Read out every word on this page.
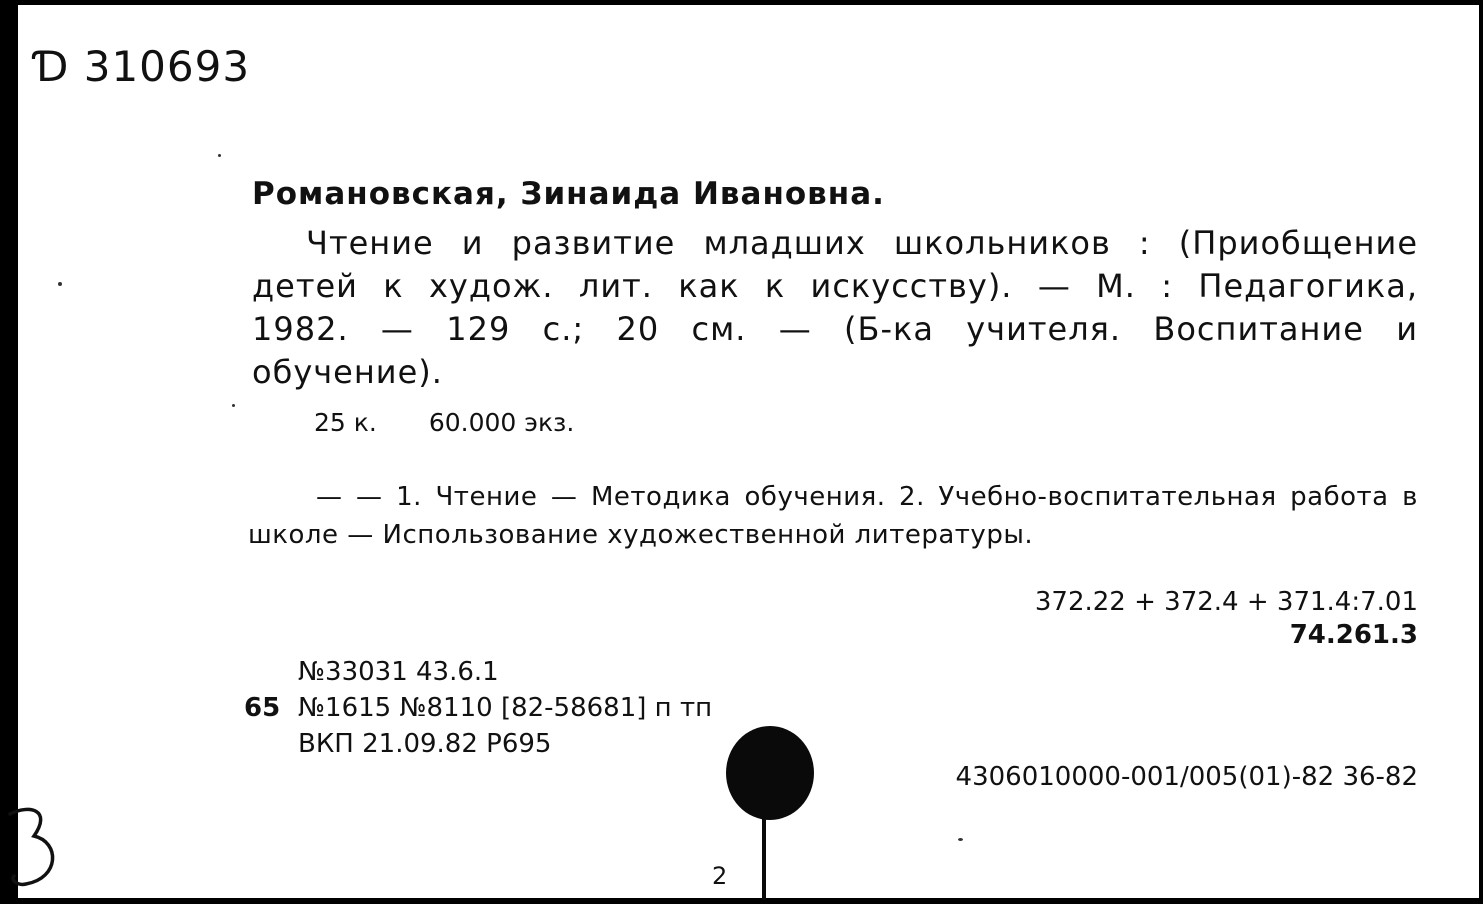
Ɗ 310693
Романовская, Зинаида Ивановна.
Чтение и развитие младших школьников : (Приобщение детей к худож. лит. как к искусству). — М. : Педагогика, 1982. — 129 с.; 20 см. — (Б-ка учителя. Воспитание и обучение).
25 к. 60.000 экз.
— — 1. Чтение — Методика обучения. 2. Учебно-воспитательная работа в школе — Использование художественной литературы.
372.22 + 372.4 + 371.4:7.01
74.261.3
№33031 43.6.1
65 №1615 №8110 [82-58681] п тп
ВКП 21.09.82 Р695
4306010000-001/005(01)-82 36-82
2
